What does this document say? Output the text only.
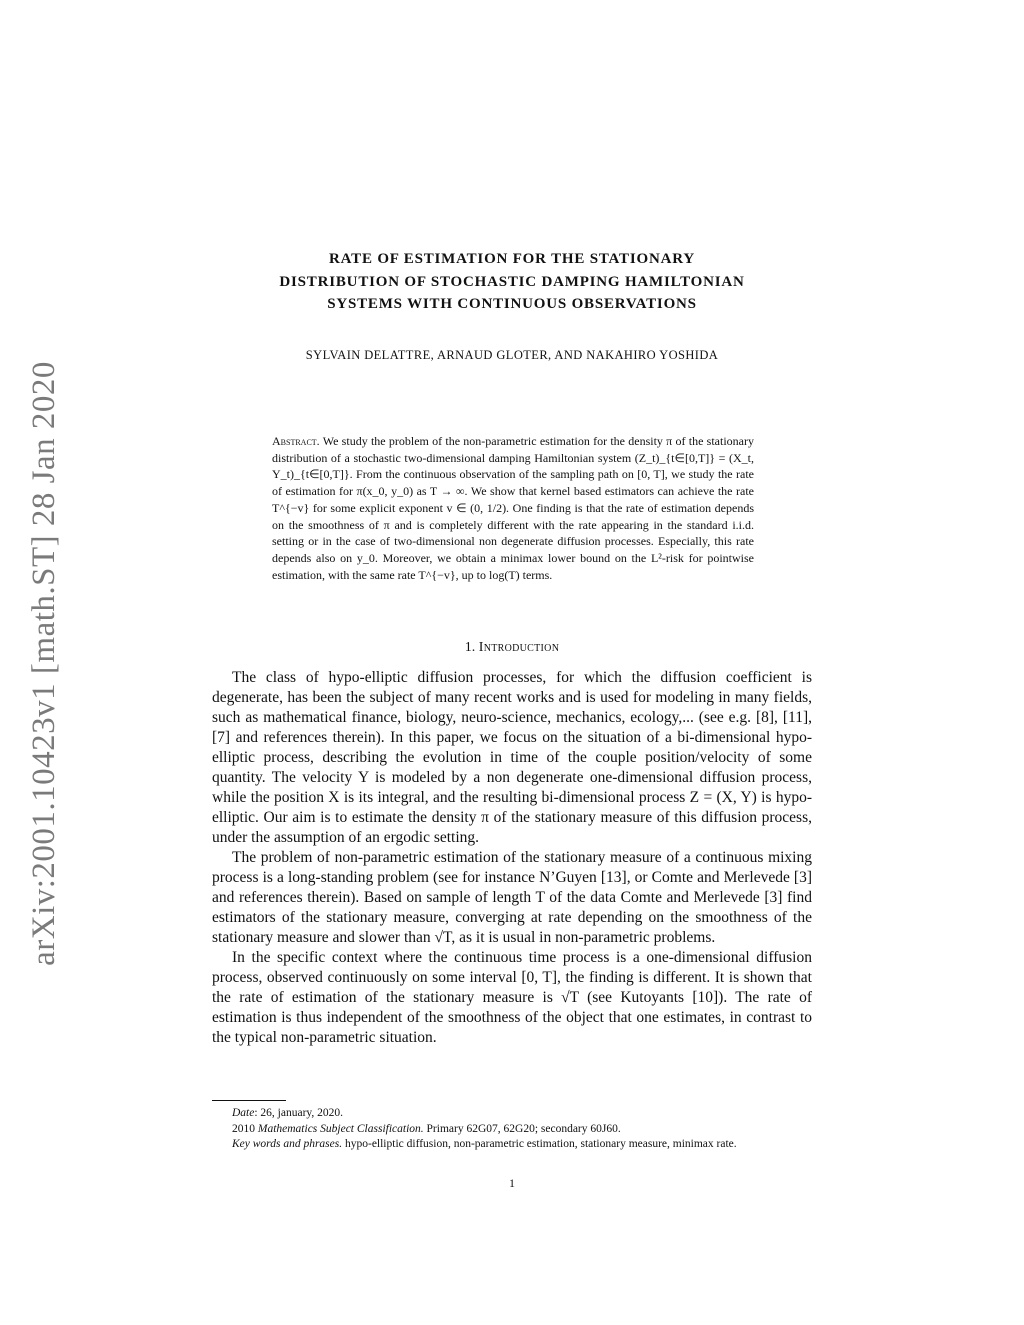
arXiv:2001.10423v1 [math.ST] 28 Jan 2020
RATE OF ESTIMATION FOR THE STATIONARY
DISTRIBUTION OF STOCHASTIC DAMPING HAMILTONIAN
SYSTEMS WITH CONTINUOUS OBSERVATIONS
SYLVAIN DELATTRE, ARNAUD GLOTER, AND NAKAHIRO YOSHIDA
Abstract. We study the problem of the non-parametric estimation for the density π of the stationary distribution of a stochastic two-dimensional damping Hamiltonian system (Z_t)_{t∈[0,T]} = (X_t, Y_t)_{t∈[0,T]}. From the continuous observation of the sampling path on [0, T], we study the rate of estimation for π(x_0, y_0) as T → ∞. We show that kernel based estimators can achieve the rate T^{−v} for some explicit exponent v ∈ (0, 1/2). One finding is that the rate of estimation depends on the smoothness of π and is completely different with the rate appearing in the standard i.i.d. setting or in the case of two-dimensional non degenerate diffusion processes. Especially, this rate depends also on y_0. Moreover, we obtain a minimax lower bound on the L²-risk for pointwise estimation, with the same rate T^{−v}, up to log(T) terms.
1. Introduction

The class of hypo-elliptic diffusion processes, for which the diffusion coefficient is degenerate, has been the subject of many recent works and is used for modeling in many fields, such as mathematical finance, biology, neuro-science, mechanics, ecology,... (see e.g. [8], [11], [7] and references therein). In this paper, we focus on the situation of a bi-dimensional hypo-elliptic process, describing the evolution in time of the couple position/velocity of some quantity. The velocity Y is modeled by a non degenerate one-dimensional diffusion process, while the position X is its integral, and the resulting bi-dimensional process Z = (X, Y) is hypo-elliptic. Our aim is to estimate the density π of the stationary measure of this diffusion process, under the assumption of an ergodic setting.

The problem of non-parametric estimation of the stationary measure of a continuous mixing process is a long-standing problem (see for instance N’Guyen [13], or Comte and Merlevede [3] and references therein). Based on sample of length T of the data Comte and Merlevede [3] find estimators of the stationary measure, converging at rate depending on the smoothness of the stationary measure and slower than √T, as it is usual in non-parametric problems.

In the specific context where the continuous time process is a one-dimensional diffusion process, observed continuously on some interval [0, T], the finding is different. It is shown that the rate of estimation of the stationary measure is √T (see Kutoyants [10]). The rate of estimation is thus independent of the smoothness of the object that one estimates, in contrast to the typical non-parametric situation.

Date: 26, january, 2020.

2010 Mathematics Subject Classification. Primary 62G07, 62G20; secondary 60J60.

Key words and phrases. hypo-elliptic diffusion, non-parametric estimation, stationary measure, minimax rate.

1
